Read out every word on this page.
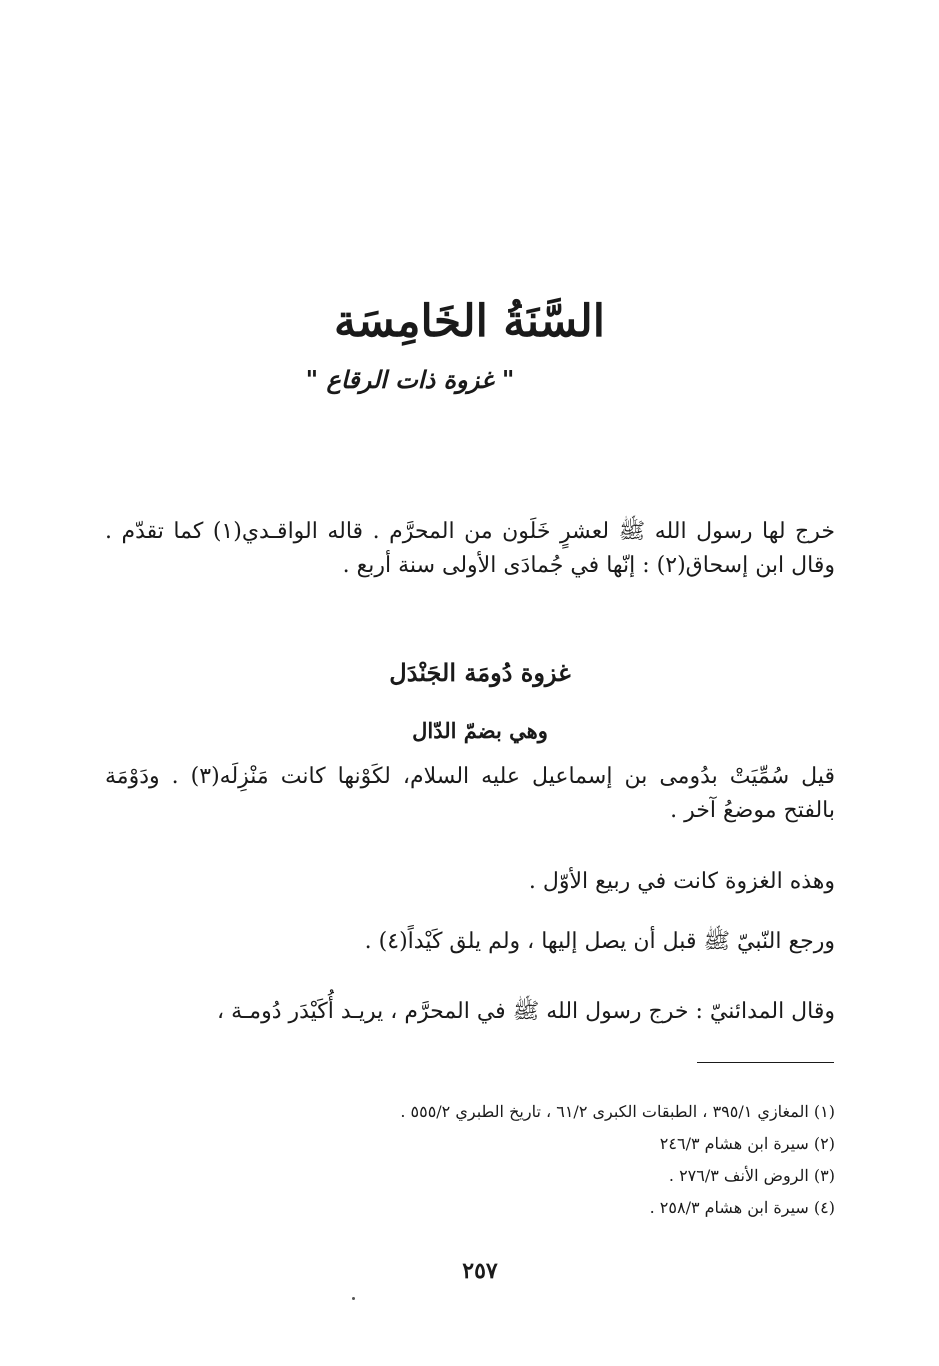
السَّنَةُ الخَامِسَة
" غزوة ذات الرقاع "
خرج لها رسول الله ﷺ لعشرٍ خَلَون من المحرَّم . قاله الواقـدي(١) كما تقدّم . وقال ابن إسحاق(٢) : إنّها في جُمادَى الأولى سنة أربع .
غزوة دُومَة الجَنْدَل
وهي بضمّ الدّال
قيل سُمِّيَتْ بدُومى بن إسماعيل عليه السلام، لكَوْنها كانت مَنْزِلَه(٣) . ودَوْمَة بالفتح موضعُ آخر .
وهذه الغزوة كانت في ربيع الأوّل .
ورجع النّبيّ ﷺ قبل أن يصل إليها ، ولم يلق كَيْداً(٤) .
وقال المدائنيّ : خرج رسول الله ﷺ في المحرَّم ، يريـد أُكَيْدَر دُومـة ،
(١) المغازي ٣٩٥/١ ، الطبقات الكبرى ٦١/٢ ، تاريخ الطبري ٥٥٥/٢ .
(٢) سيرة ابن هشام ٢٤٦/٣
(٣) الروض الأنف ٢٧٦/٣ .
(٤) سيرة ابن هشام ٢٥٨/٣ .
٢٥٧
